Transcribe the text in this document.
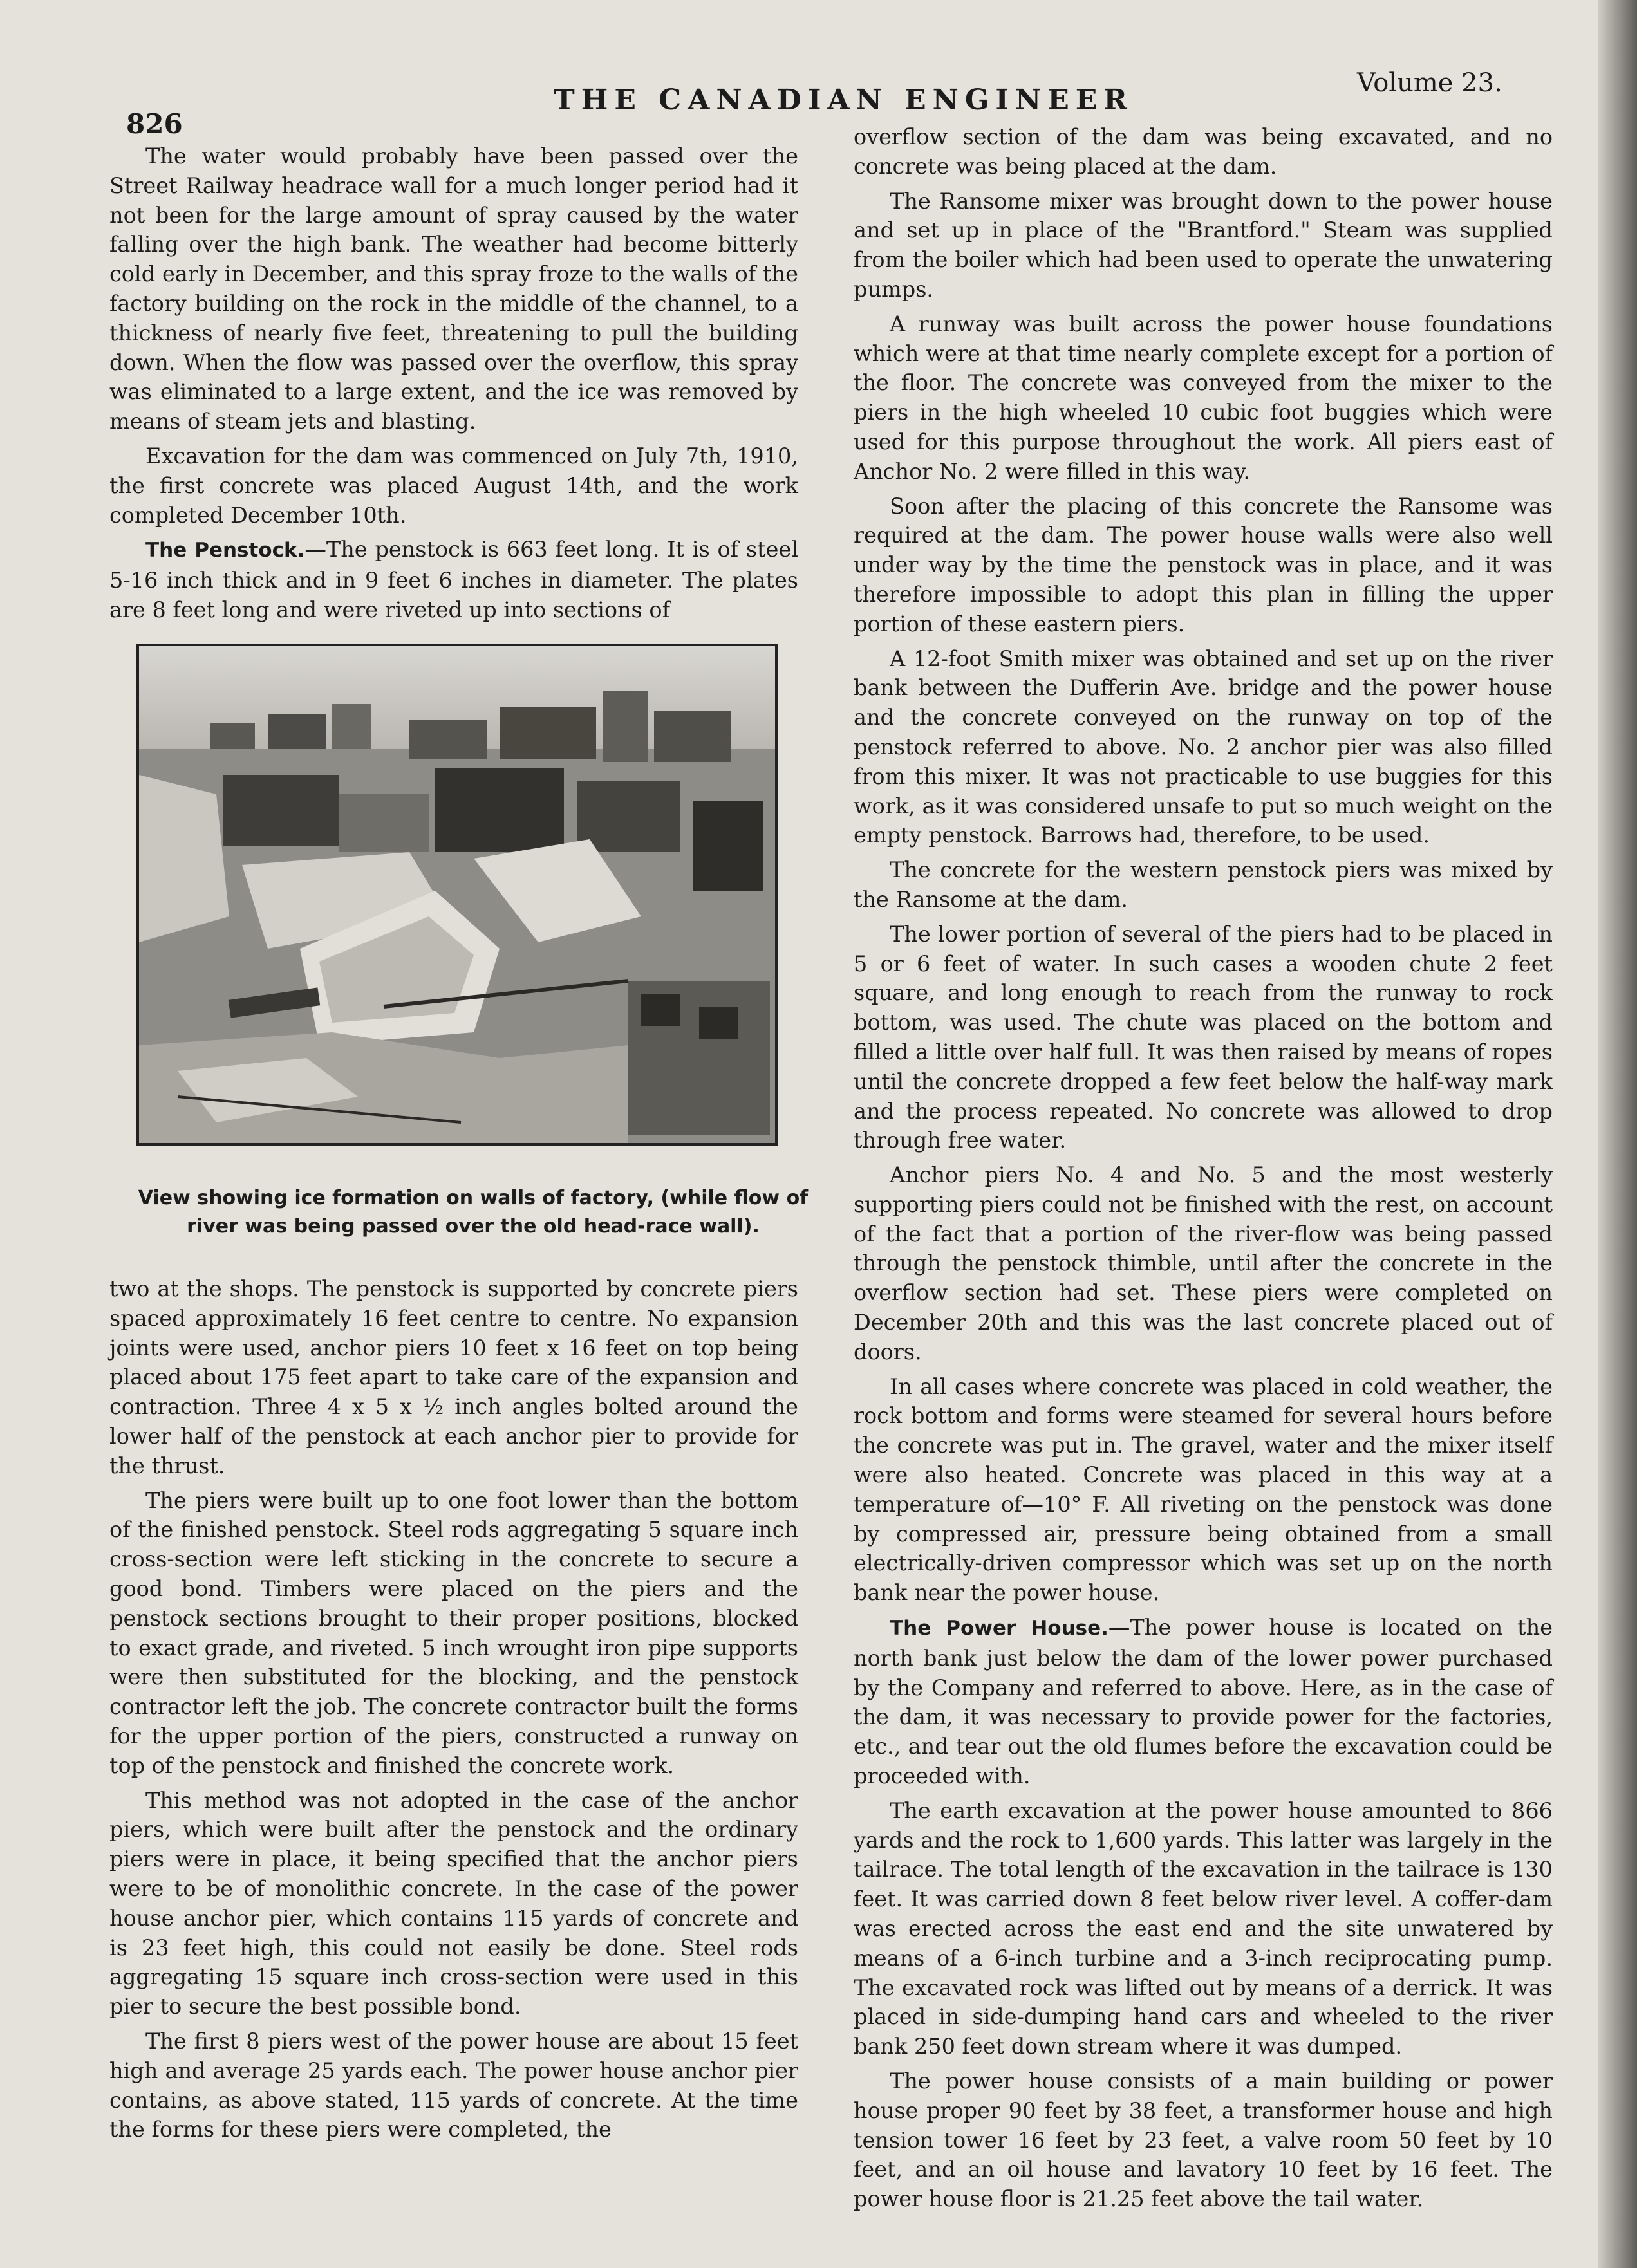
826
THE CANADIAN ENGINEER
Volume 23.

The water would probably have been passed over the Street Railway headrace wall for a much longer period had it not been for the large amount of spray caused by the water falling over the high bank. The weather had become bitterly cold early in December, and this spray froze to the walls of the factory building on the rock in the middle of the channel, to a thickness of nearly five feet, threatening to pull the building down. When the flow was passed over the overflow, this spray was eliminated to a large extent, and the ice was removed by means of steam jets and blasting.

Excavation for the dam was commenced on July 7th, 1910, the first concrete was placed August 14th, and the work completed December 10th.

The Penstock.—The penstock is 663 feet long. It is of steel 5-16 inch thick and in 9 feet 6 inches in diameter. The plates are 8 feet long and were riveted up into sections of

View showing ice formation on walls of factory, (while flow of river was being passed over the old head-race wall).

two at the shops. The penstock is supported by concrete piers spaced approximately 16 feet centre to centre. No expansion joints were used, anchor piers 10 feet x 16 feet on top being placed about 175 feet apart to take care of the expansion and contraction. Three 4 x 5 x ½ inch angles bolted around the lower half of the penstock at each anchor pier to provide for the thrust.

The piers were built up to one foot lower than the bottom of the finished penstock. Steel rods aggregating 5 square inch cross-section were left sticking in the concrete to secure a good bond. Timbers were placed on the piers and the penstock sections brought to their proper positions, blocked to exact grade, and riveted. 5 inch wrought iron pipe supports were then substituted for the blocking, and the penstock contractor left the job. The concrete contractor built the forms for the upper portion of the piers, constructed a runway on top of the penstock and finished the concrete work.

This method was not adopted in the case of the anchor piers, which were built after the penstock and the ordinary piers were in place, it being specified that the anchor piers were to be of monolithic concrete. In the case of the power house anchor pier, which contains 115 yards of concrete and is 23 feet high, this could not easily be done. Steel rods aggregating 15 square inch cross-section were used in this pier to secure the best possible bond.

The first 8 piers west of the power house are about 15 feet high and average 25 yards each. The power house anchor pier contains, as above stated, 115 yards of concrete. At the time the forms for these piers were completed, the

overflow section of the dam was being excavated, and no concrete was being placed at the dam.

The Ransome mixer was brought down to the power house and set up in place of the "Brantford." Steam was supplied from the boiler which had been used to operate the unwatering pumps.

A runway was built across the power house foundations which were at that time nearly complete except for a portion of the floor. The concrete was conveyed from the mixer to the piers in the high wheeled 10 cubic foot buggies which were used for this purpose throughout the work. All piers east of Anchor No. 2 were filled in this way.

Soon after the placing of this concrete the Ransome was required at the dam. The power house walls were also well under way by the time the penstock was in place, and it was therefore impossible to adopt this plan in filling the upper portion of these eastern piers.

A 12-foot Smith mixer was obtained and set up on the river bank between the Dufferin Ave. bridge and the power house and the concrete conveyed on the runway on top of the penstock referred to above. No. 2 anchor pier was also filled from this mixer. It was not practicable to use buggies for this work, as it was considered unsafe to put so much weight on the empty penstock. Barrows had, therefore, to be used.

The concrete for the western penstock piers was mixed by the Ransome at the dam.

The lower portion of several of the piers had to be placed in 5 or 6 feet of water. In such cases a wooden chute 2 feet square, and long enough to reach from the runway to rock bottom, was used. The chute was placed on the bottom and filled a little over half full. It was then raised by means of ropes until the concrete dropped a few feet below the half-way mark and the process repeated. No concrete was allowed to drop through free water.

Anchor piers No. 4 and No. 5 and the most westerly supporting piers could not be finished with the rest, on account of the fact that a portion of the river-flow was being passed through the penstock thimble, until after the concrete in the overflow section had set. These piers were completed on December 20th and this was the last concrete placed out of doors.

In all cases where concrete was placed in cold weather, the rock bottom and forms were steamed for several hours before the concrete was put in. The gravel, water and the mixer itself were also heated. Concrete was placed in this way at a temperature of—10° F. All riveting on the penstock was done by compressed air, pressure being obtained from a small electrically-driven compressor which was set up on the north bank near the power house.

The Power House.—The power house is located on the north bank just below the dam of the lower power purchased by the Company and referred to above. Here, as in the case of the dam, it was necessary to provide power for the factories, etc., and tear out the old flumes before the excavation could be proceeded with.

The earth excavation at the power house amounted to 866 yards and the rock to 1,600 yards. This latter was largely in the tailrace. The total length of the excavation in the tailrace is 130 feet. It was carried down 8 feet below river level. A coffer-dam was erected across the east end and the site unwatered by means of a 6-inch turbine and a 3-inch reciprocating pump. The excavated rock was lifted out by means of a derrick. It was placed in side-dumping hand cars and wheeled to the river bank 250 feet down stream where it was dumped.

The power house consists of a main building or power house proper 90 feet by 38 feet, a transformer house and high tension tower 16 feet by 23 feet, a valve room 50 feet by 10 feet, and an oil house and lavatory 10 feet by 16 feet. The power house floor is 21.25 feet above the tail water.
